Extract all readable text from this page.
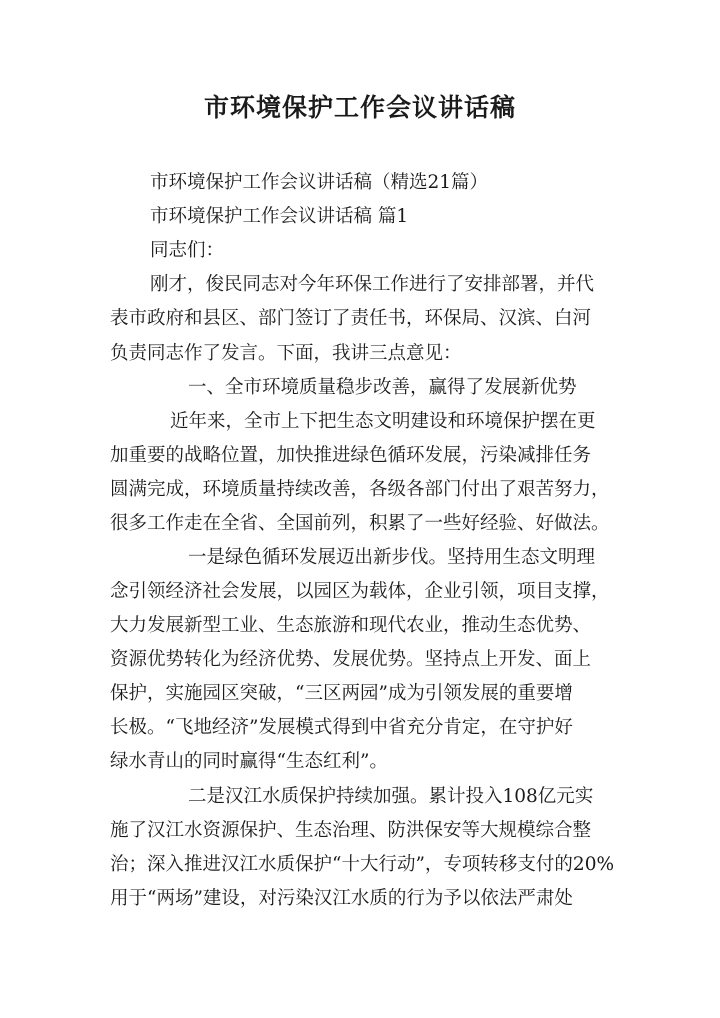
市环境保护工作会议讲话稿
市环境保护工作会议讲话稿（精选21篇）
市环境保护工作会议讲话稿 篇1
同志们：
刚才，俊民同志对今年环保工作进行了安排部署，并代
表市政府和县区、部门签订了责任书，环保局、汉滨、白河
负责同志作了发言。下面，我讲三点意见：
一、全市环境质量稳步改善，赢得了发展新优势
近年来，全市上下把生态文明建设和环境保护摆在更
加重要的战略位置，加快推进绿色循环发展，污染减排任务
圆满完成，环境质量持续改善，各级各部门付出了艰苦努力，
很多工作走在全省、全国前列，积累了一些好经验、好做法。
一是绿色循环发展迈出新步伐。坚持用生态文明理
念引领经济社会发展，以园区为载体，企业引领，项目支撑，
大力发展新型工业、生态旅游和现代农业，推动生态优势、
资源优势转化为经济优势、发展优势。坚持点上开发、面上
保护，实施园区突破，“三区两园”成为引领发展的重要增
长极。“飞地经济”发展模式得到中省充分肯定，在守护好
绿水青山的同时赢得“生态红利”。
二是汉江水质保护持续加强。累计投入108亿元实
施了汉江水资源保护、生态治理、防洪保安等大规模综合整
治；深入推进汉江水质保护“十大行动”，专项转移支付的20%
用于“两场”建设，对污染汉江水质的行为予以依法严肃处
